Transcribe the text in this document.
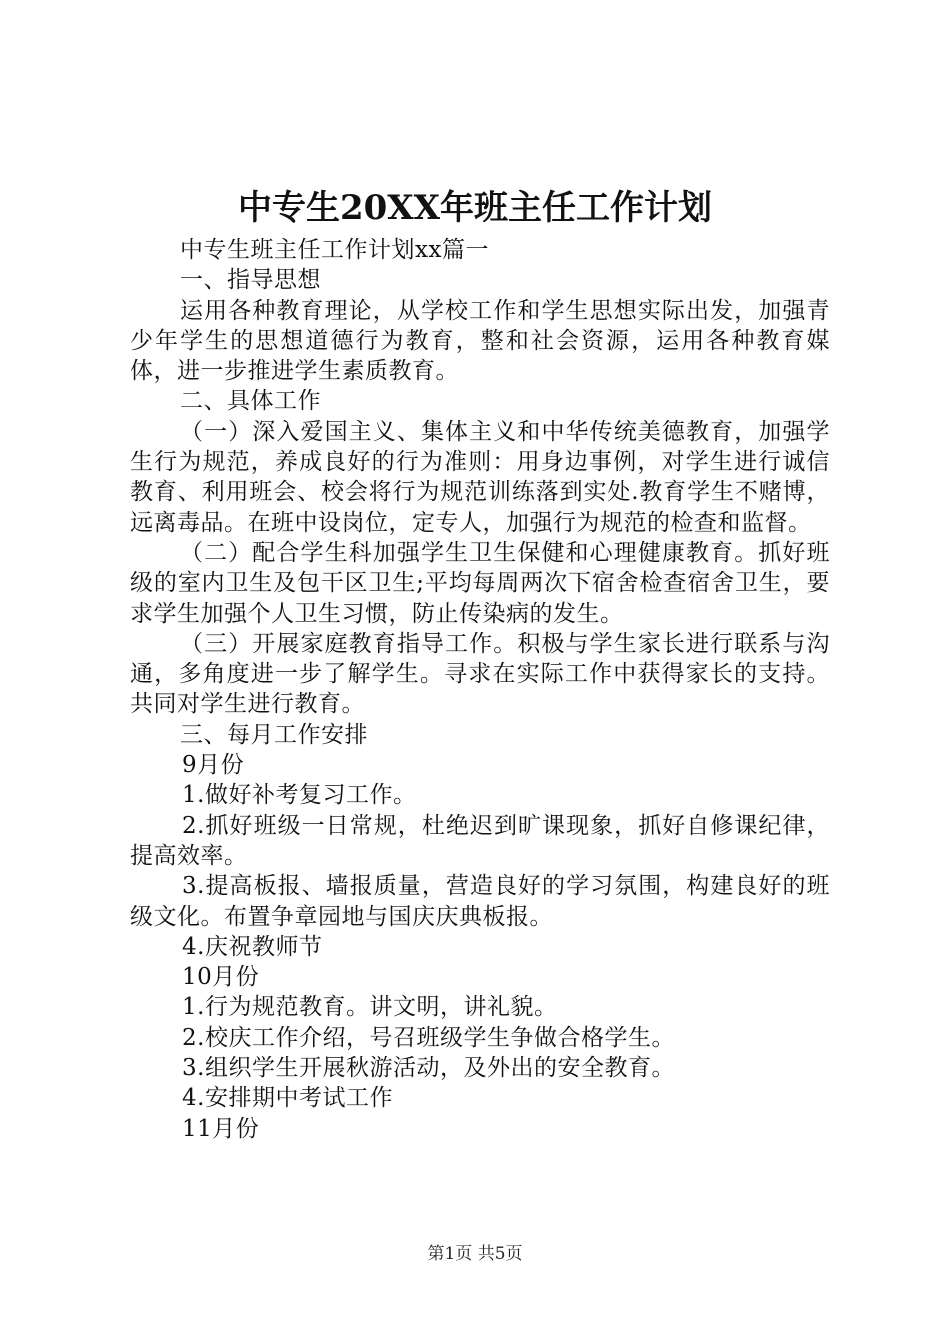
中专生20XX年班主任工作计划

中专生班主任工作计划xx篇一

一、指导思想

运用各种教育理论，从学校工作和学生思想实际出发，加强青少年学生的思想道德行为教育，整和社会资源，运用各种教育媒体，进一步推进学生素质教育。

二、具体工作

（一）深入爱国主义、集体主义和中华传统美德教育，加强学生行为规范，养成良好的行为准则：用身边事例，对学生进行诚信教育、利用班会、校会将行为规范训练落到实处.教育学生不赌博，远离毒品。在班中设岗位，定专人，加强行为规范的检查和监督。

（二）配合学生科加强学生卫生保健和心理健康教育。抓好班级的室内卫生及包干区卫生;平均每周两次下宿舍检查宿舍卫生，要求学生加强个人卫生习惯，防止传染病的发生。

（三）开展家庭教育指导工作。积极与学生家长进行联系与沟通，多角度进一步了解学生。寻求在实际工作中获得家长的支持。共同对学生进行教育。

三、每月工作安排

9月份

1.做好补考复习工作。

2.抓好班级一日常规，杜绝迟到旷课现象，抓好自修课纪律，提高效率。

3.提高板报、墙报质量，营造良好的学习氛围，构建良好的班级文化。布置争章园地与国庆庆典板报。

4.庆祝教师节

10月份

1.行为规范教育。讲文明，讲礼貌。

2.校庆工作介绍，号召班级学生争做合格学生。

3.组织学生开展秋游活动，及外出的安全教育。

4.安排期中考试工作

11月份

第1页 共5页
